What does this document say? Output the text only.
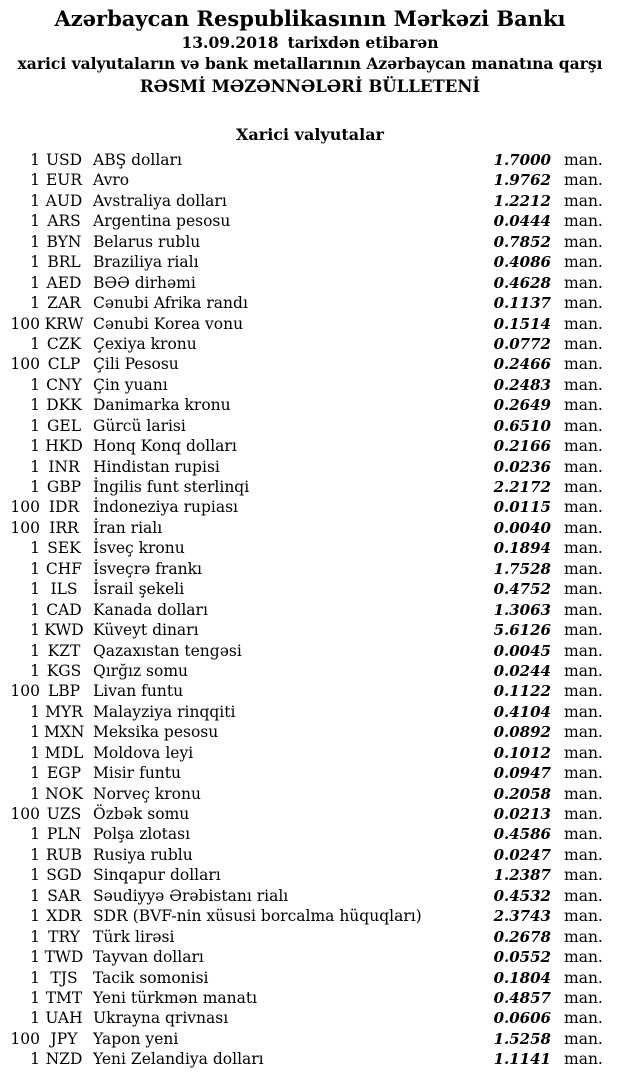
Azərbaycan Respublikasının Mərkəzi Bankı
13.09.2018 tarixdən etibarən
xarici valyutaların və bank metallarının Azərbaycan manatına qarşı
RƏSMİ MƏZƏNNƏLƏRİ BÜLLETENİ
Xarici valyutalar
1 USD ABŞ dolları	1.7000 man.
1 EUR Avro	1.9762 man.
1 AUD Avstraliya dolları	1.2212 man.
1 ARS Argentina pesosu	0.0444 man.
1 BYN Belarus rublu	0.7852 man.
1 BRL Braziliya rialı	0.4086 man.
1 AED BƏƏ dirhəmi	0.4628 man.
1 ZAR Cənubi Afrika randı	0.1137 man.
100 KRW Cənubi Korea vonu	0.1514 man.
1 CZK Çexiya kronu	0.0772 man.
100 CLP Çili Pesosu	0.2466 man.
1 CNY Çin yuanı	0.2483 man.
1 DKK Danimarka kronu	0.2649 man.
1 GEL Gürcü larisi	0.6510 man.
1 HKD Honq Konq dolları	0.2166 man.
1 INR Hindistan rupisi	0.0236 man.
1 GBP İngilis funt sterlinqi	2.2172 man.
100 IDR İndoneziya rupiası	0.0115 man.
100 IRR İran rialı	0.0040 man.
1 SEK İsveç kronu	0.1894 man.
1 CHF İsveçrə frankı	1.7528 man.
1 ILS İsrail şekeli	0.4752 man.
1 CAD Kanada dolları	1.3063 man.
1 KWD Küveyt dinarı	5.6126 man.
1 KZT Qazaxıstan tengəsi	0.0045 man.
1 KGS Qırğız somu	0.0244 man.
100 LBP Livan funtu	0.1122 man.
1 MYR Malayziya rinqqiti	0.4104 man.
1 MXN Meksika pesosu	0.0892 man.
1 MDL Moldova leyi	0.1012 man.
1 EGP Misir funtu	0.0947 man.
1 NOK Norveç kronu	0.2058 man.
100 UZS Özbək somu	0.0213 man.
1 PLN Polşa zlotası	0.4586 man.
1 RUB Rusiya rublu	0.0247 man.
1 SGD Sinqapur dolları	1.2387 man.
1 SAR Səudiyyə Ərəbistanı rialı	0.4532 man.
1 XDR SDR (BVF-nin xüsusi borcalma hüquqları)	2.3743 man.
1 TRY Türk lirəsi	0.2678 man.
1 TWD Tayvan dolları	0.0552 man.
1 TJS Tacik somonisi	0.1804 man.
1 TMT Yeni türkmən manatı	0.4857 man.
1 UAH Ukrayna qrivnası	0.0606 man.
100 JPY	Yapon yeni	1.5258 man.
1 NZD Yeni Zelandiya dolları	1.1141 man.
